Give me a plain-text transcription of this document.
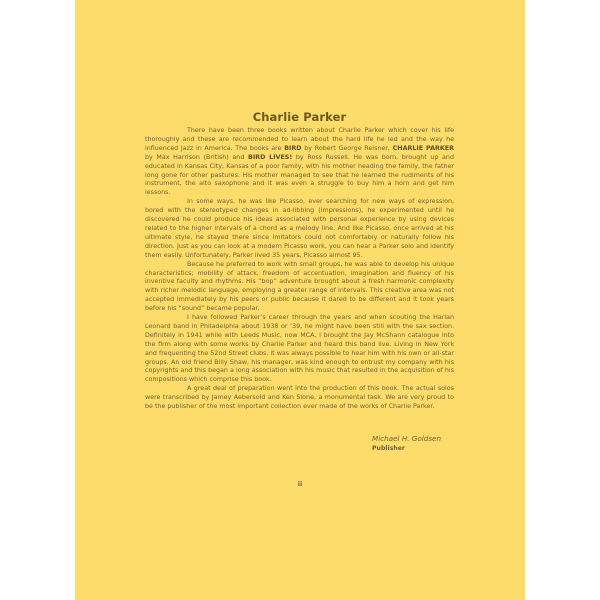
Charlie Parker

There have been three books written about Charlie Parker which cover his life thoroughly and these are recommended to learn about the hard life he led and the way he influenced Jazz in America. The books are BIRD by Robert George Reisner, CHARLIE PARKER by Max Harrison (British) and BIRD LIVES! by Ross Russell. He was born, brought up and educated in Kansas City, Kansas of a poor family, with his mother heading the family, the father long gone for other pastures. His mother managed to see that he learned the rudiments of his instrument, the alto saxophone and it was even a struggle to buy him a horn and get him lessons.

In some ways, he was like Picasso, ever searching for new ways of expression, bored with the stereotyped changes in ad-libbing (impressions), he experimented until he discovered he could produce his ideas associated with personal experience by using devices related to the higher intervals of a chord as a melody line. And like Picasso, once arrived at his ultimate style, he stayed there since imitators could not comfortably or naturally follow his direction. Just as you can look at a modern Picasso work, you can hear a Parker solo and identify them easily. Unfortunately, Parker lived 35 years, Picasso almost 95.

Because he preferred to work with small groups, he was able to develop his unique characteristics; mobility of attack, freedom of accentuation, imagination and fluency of his inventive faculty and rhythms. His “bop” adventure brought about a fresh harmonic complexity with richer melodic language, employing a greater range of intervals. This creative area was not accepted immediately by his peers or public because it dared to be different and it took years before his “sound” became popular.

I have followed Parker’s career through the years and when scouting the Harlan Leonard band in Philadelphia about 1938 or ’39, he might have been still with the sax section. Definitely in 1941 while with Leeds Music, now MCA, I brought the Jay McShann catalogue into the firm along with some works by Charlie Parker and heard this band live. Living in New York and frequenting the 52nd Street clubs, it was always possible to hear him with his own or all-star groups. An old friend Billy Shaw, his manager, was kind enough to entrust my company with his copyrights and this began a long association with his music that resulted in the acquisition of his compositions which comprise this book.

A great deal of preparation went into the production of this book. The actual solos were transcribed by Jamey Aebersold and Ken Slone, a monumental task. We are very proud to be the publisher of the most important collection ever made of the works of Charlie Parker.

Michael H. Goldsen
Publisher
ii
